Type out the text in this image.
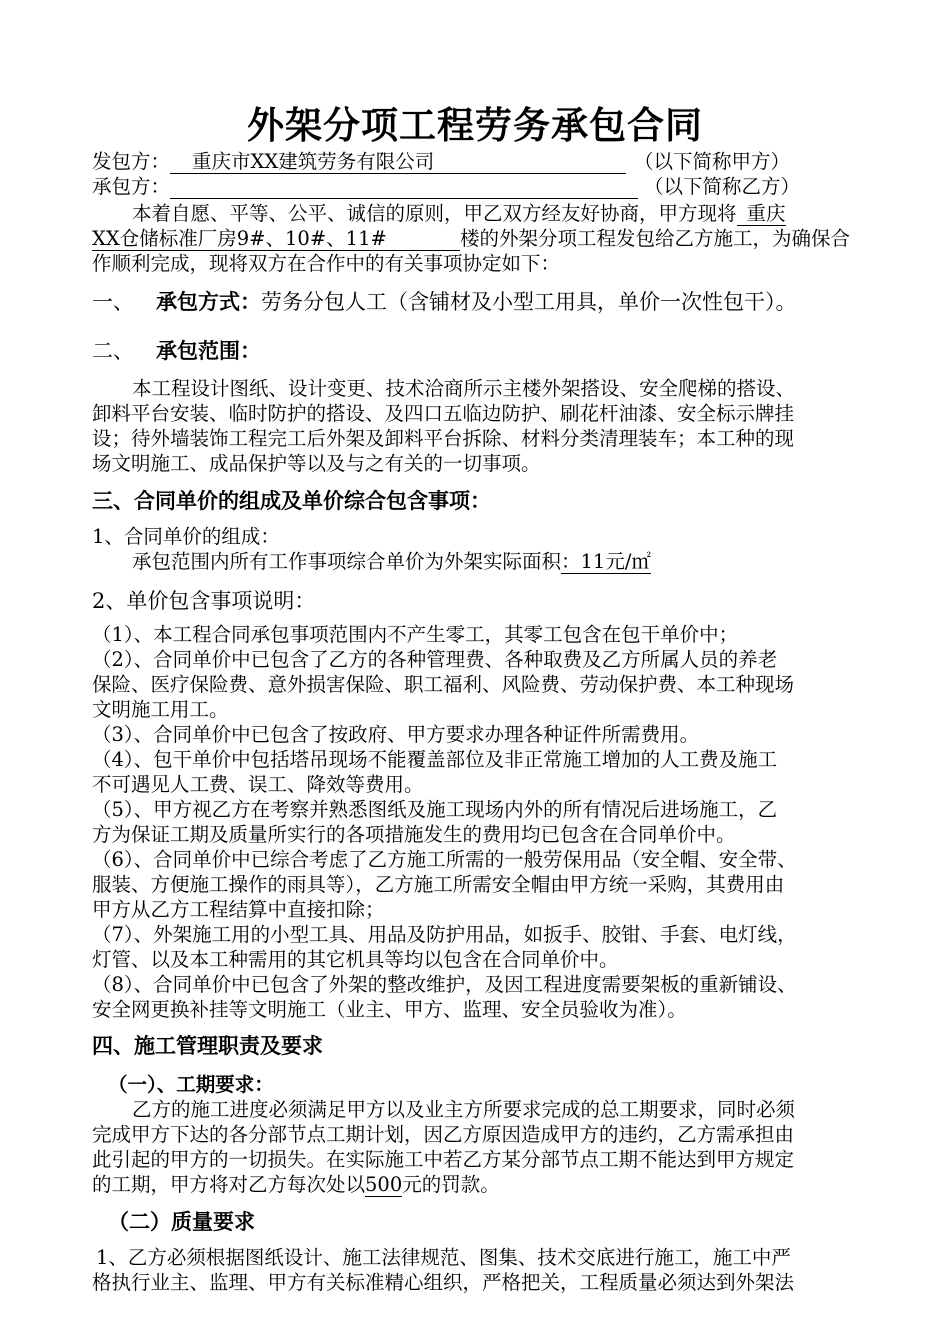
外架分项工程劳务承包合同
发包方： 重庆市XX建筑劳务有限公司	（以下简称甲方）
承包方：	（以下简称乙方）
本着自愿、平等、公平、诚信的原则，甲乙双方经友好协商，甲方现将 重庆
XX仓储标准厂房9#、10#、11#	楼的外架分项工程发包给乙方施工，为确保合
作顺利完成，现将双方在合作中的有关事项协定如下：
一、 承包方式：劳务分包人工（含铺材及小型工用具，单价一次性包干）。
二、 承包范围：
本工程设计图纸、设计变更、技术洽商所示主楼外架搭设、安全爬梯的搭设、
卸料平台安装、临时防护的搭设、及四口五临边防护、刷花杆油漆、安全标示牌挂
设；待外墙装饰工程完工后外架及卸料平台拆除、材料分类清理装车；本工种的现
场文明施工、成品保护等以及与之有关的一切事项。
三、合同单价的组成及单价综合包含事项：
1、合同单价的组成：
承包范围内所有工作事项综合单价为外架实际面积：11元/㎡
2、单价包含事项说明：
（1）、本工程合同承包事项范围内不产生零工，其零工包含在包干单价中；
（2）、合同单价中已包含了乙方的各种管理费、各种取费及乙方所属人员的养老
保险、医疗保险费、意外损害保险、职工福利、风险费、劳动保护费、本工种现场
文明施工用工。
（3）、合同单价中已包含了按政府、甲方要求办理各种证件所需费用。
（4）、包干单价中包括塔吊现场不能覆盖部位及非正常施工增加的人工费及施工
不可遇见人工费、误工、降效等费用。
（5）、甲方视乙方在考察并熟悉图纸及施工现场内外的所有情况后进场施工，乙
方为保证工期及质量所实行的各项措施发生的费用均已包含在合同单价中。
（6）、合同单价中已综合考虑了乙方施工所需的一般劳保用品（安全帽、安全带、
服装、方便施工操作的雨具等），乙方施工所需安全帽由甲方统一采购，其费用由
甲方从乙方工程结算中直接扣除；
（7）、外架施工用的小型工具、用品及防护用品，如扳手、胶钳、手套、电灯线，
灯管、以及本工种需用的其它机具等均以包含在合同单价中。
（8）、合同单价中已包含了外架的整改维护，及因工程进度需要架板的重新铺设、
安全网更换补挂等文明施工（业主、甲方、监理、安全员验收为准）。
四、施工管理职责及要求
（一）、工期要求：
乙方的施工进度必须满足甲方以及业主方所要求完成的总工期要求，同时必须
完成甲方下达的各分部节点工期计划，因乙方原因造成甲方的违约，乙方需承担由
此引起的甲方的一切损失。在实际施工中若乙方某分部节点工期不能达到甲方规定
的工期，甲方将对乙方每次处以500元的罚款。
（二）质量要求
1、乙方必须根据图纸设计、施工法律规范、图集、技术交底进行施工，施工中严
格执行业主、监理、甲方有关标准精心组织，严格把关，工程质量必须达到外架法
